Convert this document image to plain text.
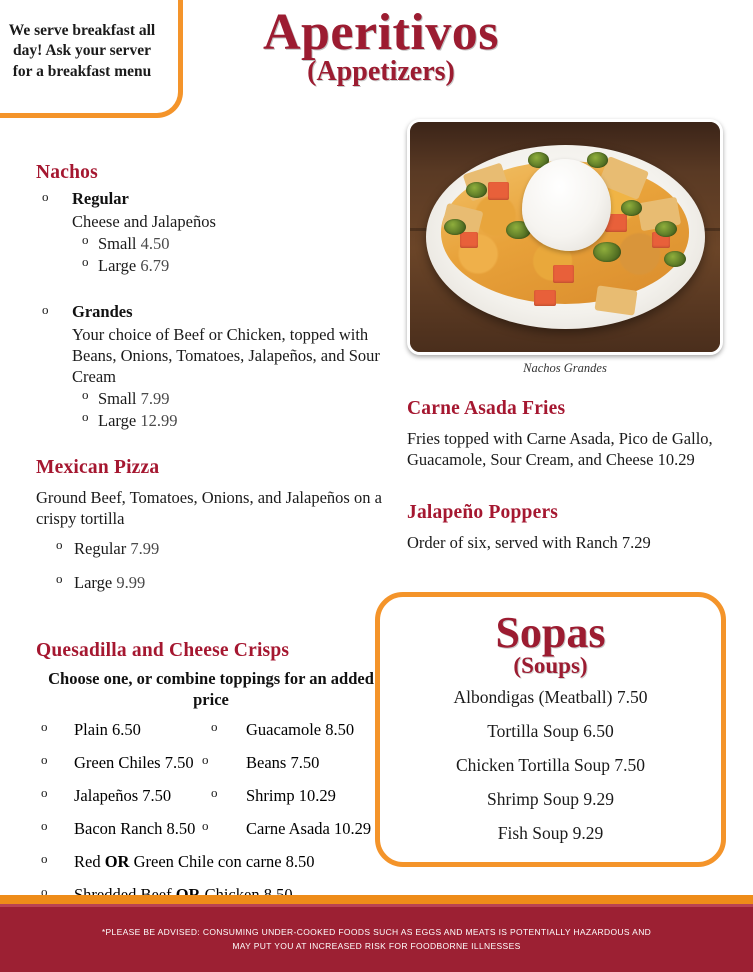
We serve breakfast all day! Ask your server for a breakfast menu
Aperitivos
(Appetizers)
Nachos Grandes
Nachos
o Regular
Cheese and Jalapeños
o Small 4.50
o Large 6.79
o Grandes
Your choice of Beef or Chicken, topped with Beans, Onions, Tomatoes, Jalapeños, and Sour Cream
o Small 7.99
o Large 12.99
Mexican Pizza
Ground Beef, Tomatoes, Onions, and Jalapeños on a crispy tortilla
o Regular 7.99
o Large 9.99
Carne Asada Fries
Fries topped with Carne Asada, Pico de Gallo, Guacamole, Sour Cream, and Cheese 10.29
Jalapeño Poppers
Order of six, served with Ranch 7.29
Quesadilla and Cheese Crisps
Choose one, or combine toppings for an added price
o Plain 6.50	o Guacamole 8.50
o Green Chiles 7.50	o Beans 7.50
o Jalapeños 7.50	o Shrimp 10.29
o Bacon Ranch 8.50	o Carne Asada 10.29
o Red OR Green Chile con carne 8.50
o
Sopas
(Soups)
Albondigas (Meatball) 7.50
Tortilla Soup 6.50
Chicken Tortilla Soup 7.50
Shrimp Soup 9.29
Fish Soup 9.29
*PLEASE BE ADVISED: CONSUMING UNDER-COOKED FOODS SUCH AS EGGS AND MEATS IS POTENTIALLY HAZARDOUS AND MAY PUT YOU AT INCREASED RISK FOR FOODBORNE ILLNESSES
